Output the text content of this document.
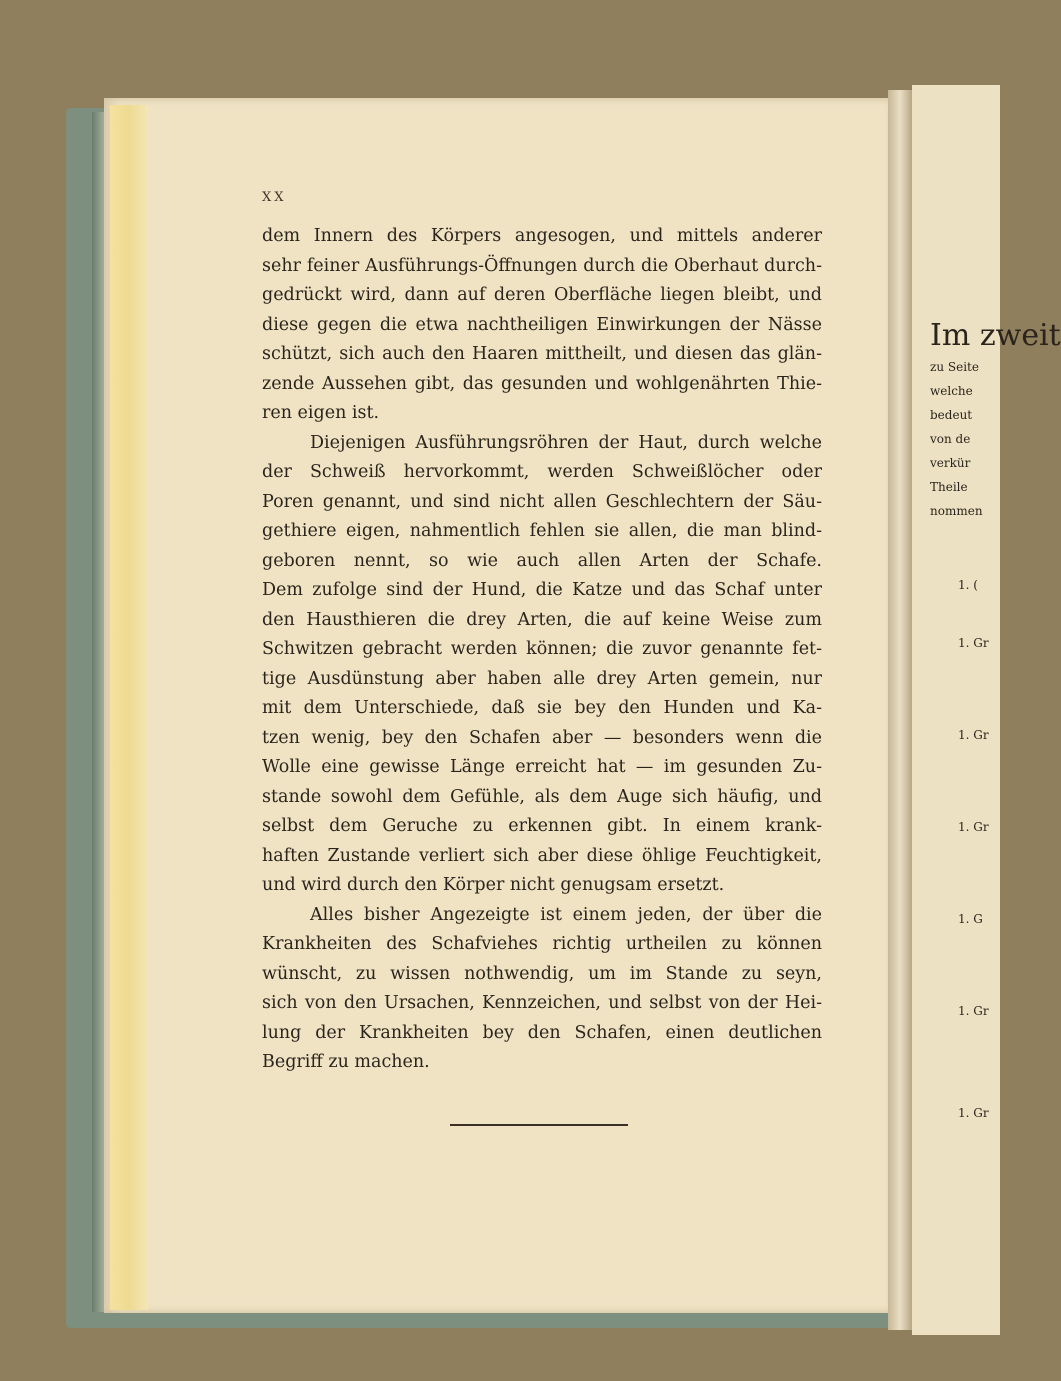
XX
dem Innern des Körpers angesogen, und mittels anderer
sehr feiner Ausführungs-Öffnungen durch die Oberhaut durch-
gedrückt wird, dann auf deren Oberfläche liegen bleibt, und
diese gegen die etwa nachtheiligen Einwirkungen der Nässe
schützt, sich auch den Haaren mittheilt, und diesen das glän-
zende Aussehen gibt, das gesunden und wohlgenährten Thie-
ren eigen ist.
Diejenigen Ausführungsröhren der Haut, durch welche
der Schweiß hervorkommt, werden Schweißlöcher oder
Poren genannt, und sind nicht allen Geschlechtern der Säu-
gethiere eigen, nahmentlich fehlen sie allen, die man blind-
geboren nennt, so wie auch allen Arten der Schafe.
Dem zufolge sind der Hund, die Katze und das Schaf unter
den Hausthieren die drey Arten, die auf keine Weise zum
Schwitzen gebracht werden können; die zuvor genannte fet-
tige Ausdünstung aber haben alle drey Arten gemein, nur
mit dem Unterschiede, daß sie bey den Hunden und Ka-
tzen wenig, bey den Schafen aber — besonders wenn die
Wolle eine gewisse Länge erreicht hat — im gesunden Zu-
stande sowohl dem Gefühle, als dem Auge sich häufig, und
selbst dem Geruche zu erkennen gibt. In einem krank-
haften Zustande verliert sich aber diese öhlige Feuchtigkeit,
und wird durch den Körper nicht genugsam ersetzt.
Alles bisher Angezeigte ist einem jeden, der über die
Krankheiten des Schafviehes richtig urtheilen zu können
wünscht, zu wissen nothwendig, um im Stande zu seyn,
sich von den Ursachen, Kennzeichen, und selbst von der Hei-
lung der Krankheiten bey den Schafen, einen deutlichen
Begriff zu machen.
Im zweit
zu Seite
welche
bedeut
von de
verkür
Theile
nommen
1. (
1. Gr
1. Gr
1. Gr
1. G
1. Gr
1. Gr
